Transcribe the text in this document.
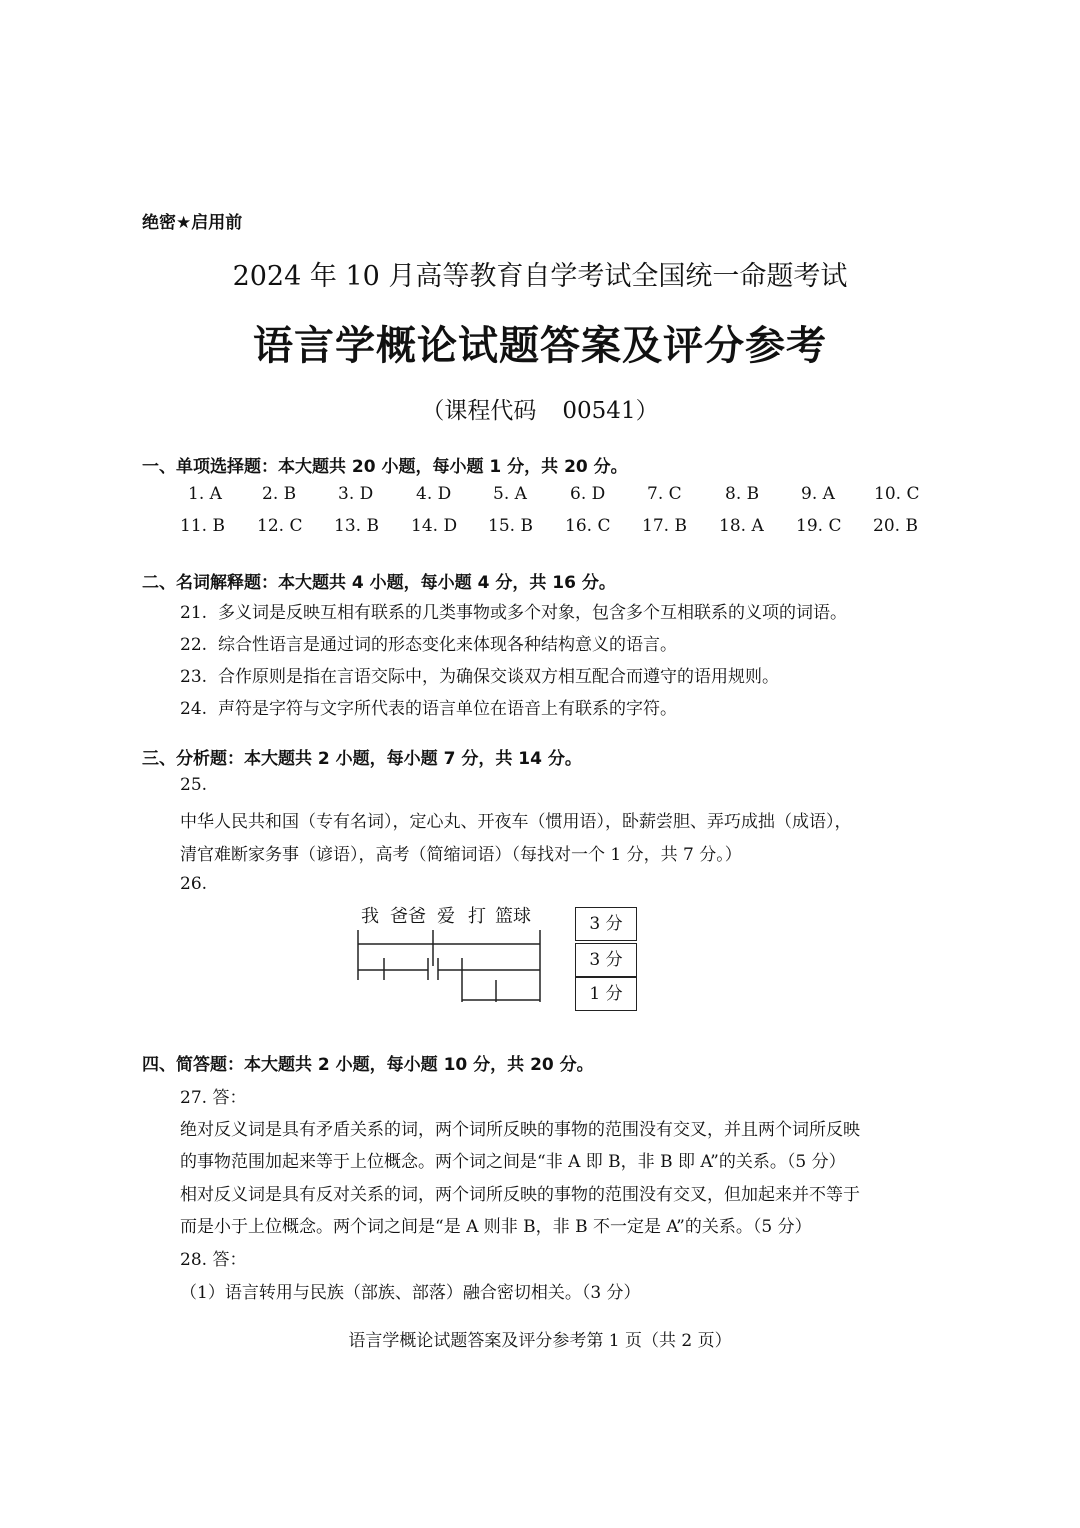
绝密★启用前
2024 年 10 月高等教育自学考试全国统一命题考试
语言学概论试题答案及评分参考
（课程代码 00541）
一、单项选择题：本大题共 20 小题，每小题 1 分，共 20 分。
1. A 2. B 3. D	4. D 5. A	6. D 7. C	8. B 9. A 10. C
11. B 12. C 13. B 14. D 15. B 16. C 17. B 18. A 19. C 20. B
二、名词解释题：本大题共 4 小题，每小题 4 分，共 16 分。
21. 多义词是反映互相有联系的几类事物或多个对象，包含多个互相联系的义项的词语。
22. 综合性语言是通过词的形态变化来体现各种结构意义的语言。
23. 合作原则是指在言语交际中，为确保交谈双方相互配合而遵守的语用规则。
24. 声符是字符与文字所代表的语言单位在语音上有联系的字符。
三、分析题：本大题共 2 小题，每小题 7 分，共 14 分。
25.
中华人民共和国（专有名词），定心丸、开夜车（惯用语），卧薪尝胆、弄巧成拙（成语），
清官难断家务事（谚语），高考（简缩词语）（每找对一个 1 分，共 7 分。）
26.
我 爸爸 爱 打 篮球	3 分
3 分
1 分
四、简答题：本大题共 2 小题，每小题 10 分，共 20 分。
27. 答：
绝对反义词是具有矛盾关系的词，两个词所反映的事物的范围没有交叉，并且两个词所反映
的事物范围加起来等于上位概念。两个词之间是“非 A 即 B，非 B 即 A”的关系。（5 分）
相对反义词是具有反对关系的词，两个词所反映的事物的范围没有交叉，但加起来并不等于
而是小于上位概念。两个词之间是“是 A 则非 B，非 B 不一定是 A”的关系。（5 分）
28. 答：
（1）语言转用与民族（部族、部落）融合密切相关。（3 分）
语言学概论试题答案及评分参考第 1 页（共 2 页）
